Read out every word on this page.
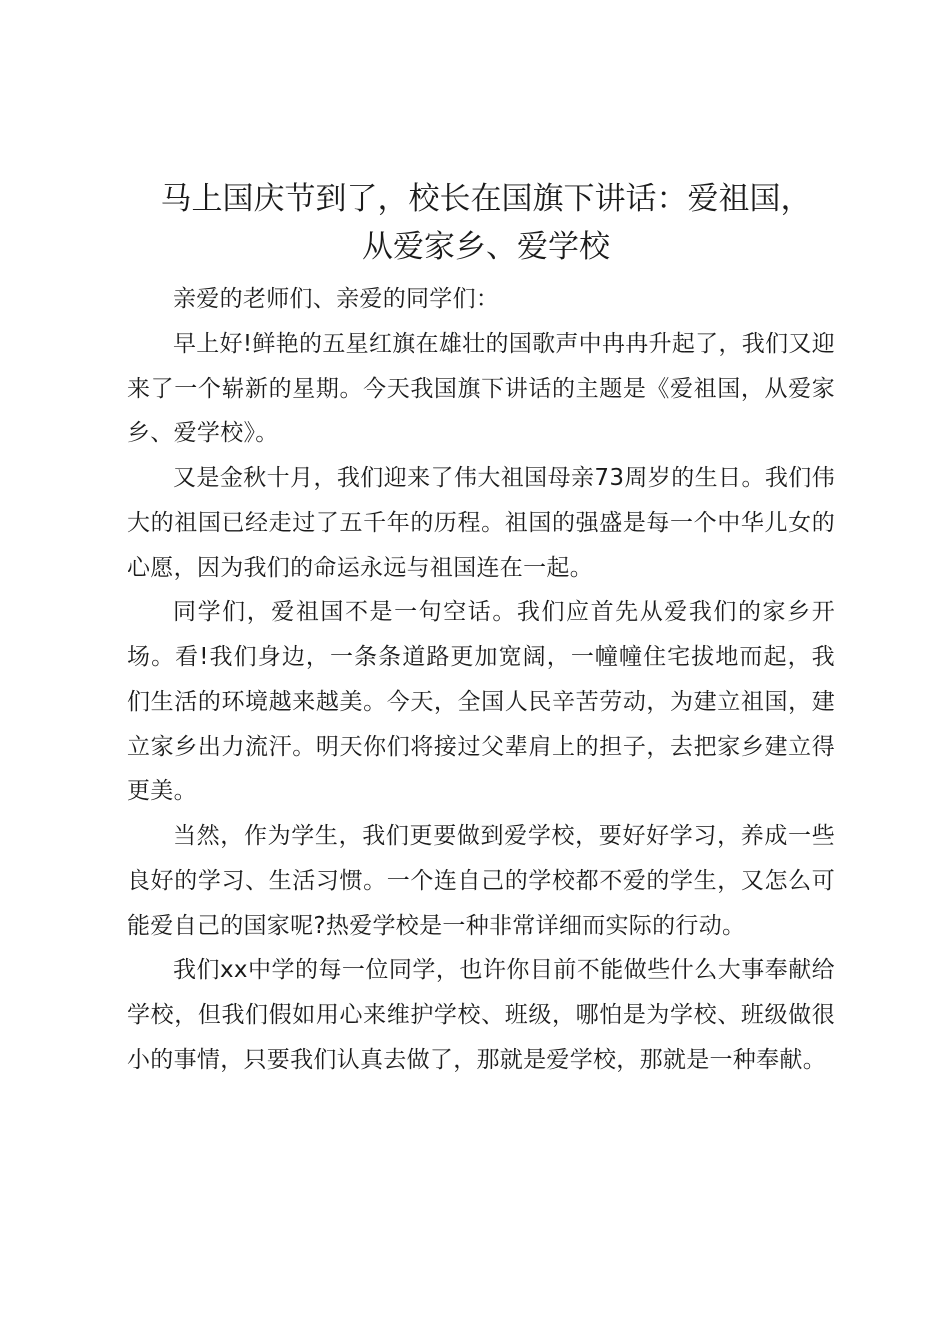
马上国庆节到了，校长在国旗下讲话：爱祖国，
从爱家乡、爱学校

亲爱的老师们、亲爱的同学们：

早上好!鲜艳的五星红旗在雄壮的国歌声中冉冉升起了，我们又迎来了一个崭新的星期。今天我国旗下讲话的主题是《爱祖国，从爱家乡、爱学校》。

又是金秋十月，我们迎来了伟大祖国母亲73周岁的生日。我们伟大的祖国已经走过了五千年的历程。祖国的强盛是每一个中华儿女的心愿，因为我们的命运永远与祖国连在一起。

同学们，爱祖国不是一句空话。我们应首先从爱我们的家乡开场。看!我们身边，一条条道路更加宽阔，一幢幢住宅拔地而起，我们生活的环境越来越美。今天，全国人民辛苦劳动，为建立祖国，建立家乡出力流汗。明天你们将接过父辈肩上的担子，去把家乡建立得更美。

当然，作为学生，我们更要做到爱学校，要好好学习，养成一些良好的学习、生活习惯。一个连自己的学校都不爱的学生，又怎么可能爱自己的国家呢?热爱学校是一种非常详细而实际的行动。

我们xx中学的每一位同学，也许你目前不能做些什么大事奉献给学校，但我们假如用心来维护学校、班级，哪怕是为学校、班级做很小的事情，只要我们认真去做了，那就是爱学校，那就是一种奉献。
